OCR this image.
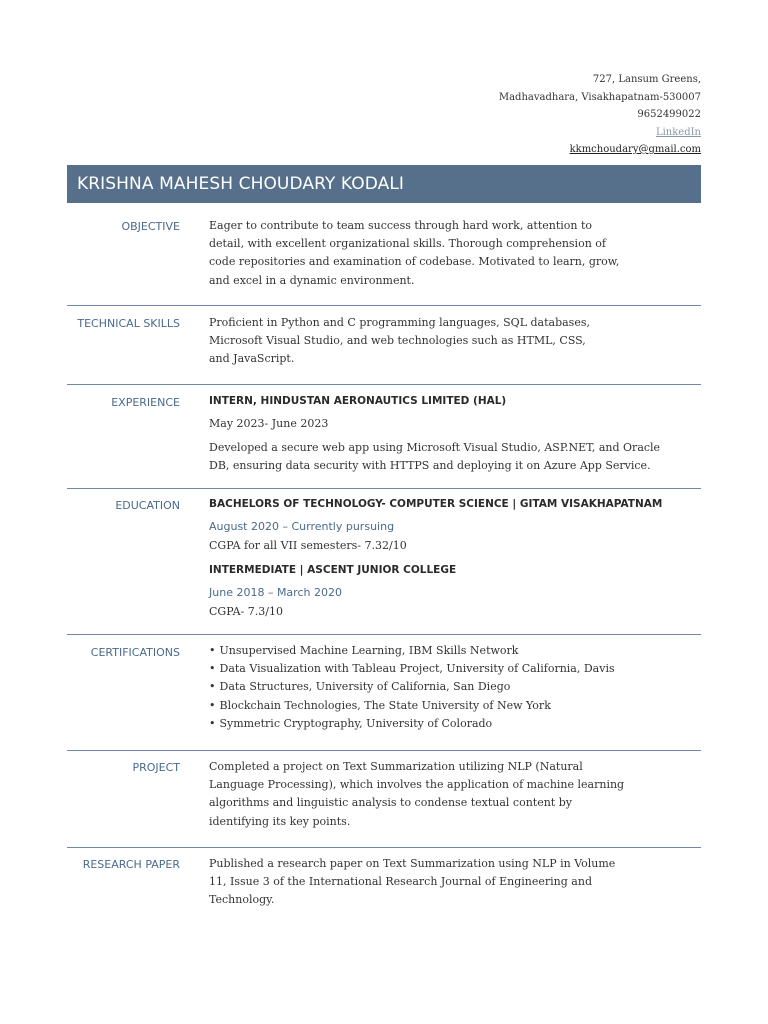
727, Lansum Greens,
Madhavadhara, Visakhapatnam-530007
9652499022
LinkedIn
kkmchoudary@gmail.com
KRISHNA MAHESH CHOUDARY KODALI
OBJECTIVE	Eager to contribute to team success through hard work, attention to detail, with excellent organizational skills. Thorough comprehension of code repositories and examination of codebase. Motivated to learn, grow, and excel in a dynamic environment.

TECHNICAL SKILLS	Proficient in Python and C programming languages, SQL databases, Microsoft Visual Studio, and web technologies such as HTML, CSS, and JavaScript.

EXPERIENCE	INTERN, HINDUSTAN AERONAUTICS LIMITED (HAL)
May 2023- June 2023

Developed a secure web app using Microsoft Visual Studio, ASP.NET, and Oracle DB, ensuring data security with HTTPS and deploying it on Azure App Service.

EDUCATION	BACHELORS OF TECHNOLOGY- COMPUTER SCIENCE | GITAM VISAKHAPATNAM
August 2020 – Currently pursuing
CGPA for all VII semesters- 7.32/10
INTERMEDIATE | ASCENT JUNIOR COLLEGE
June 2018 – March 2020
CGPA- 7.3/10
CERTIFICATIONS
•	Unsupervised Machine Learning, IBM Skills Network
• Data Visualization with Tableau Project, University of California, Davis
• Data Structures, University of California, San Diego
• Blockchain Technologies, The State University of New York
• Symmetric Cryptography, University of Colorado
PROJECT	Completed a project on Text Summarization utilizing NLP (Natural Language Processing), which involves the application of machine learning algorithms and linguistic analysis to condense textual content by identifying its key points.

RESEARCH PAPER	Published a research paper on Text Summarization using NLP in Volume 11, Issue 3 of the International Research Journal of Engineering and Technology.
